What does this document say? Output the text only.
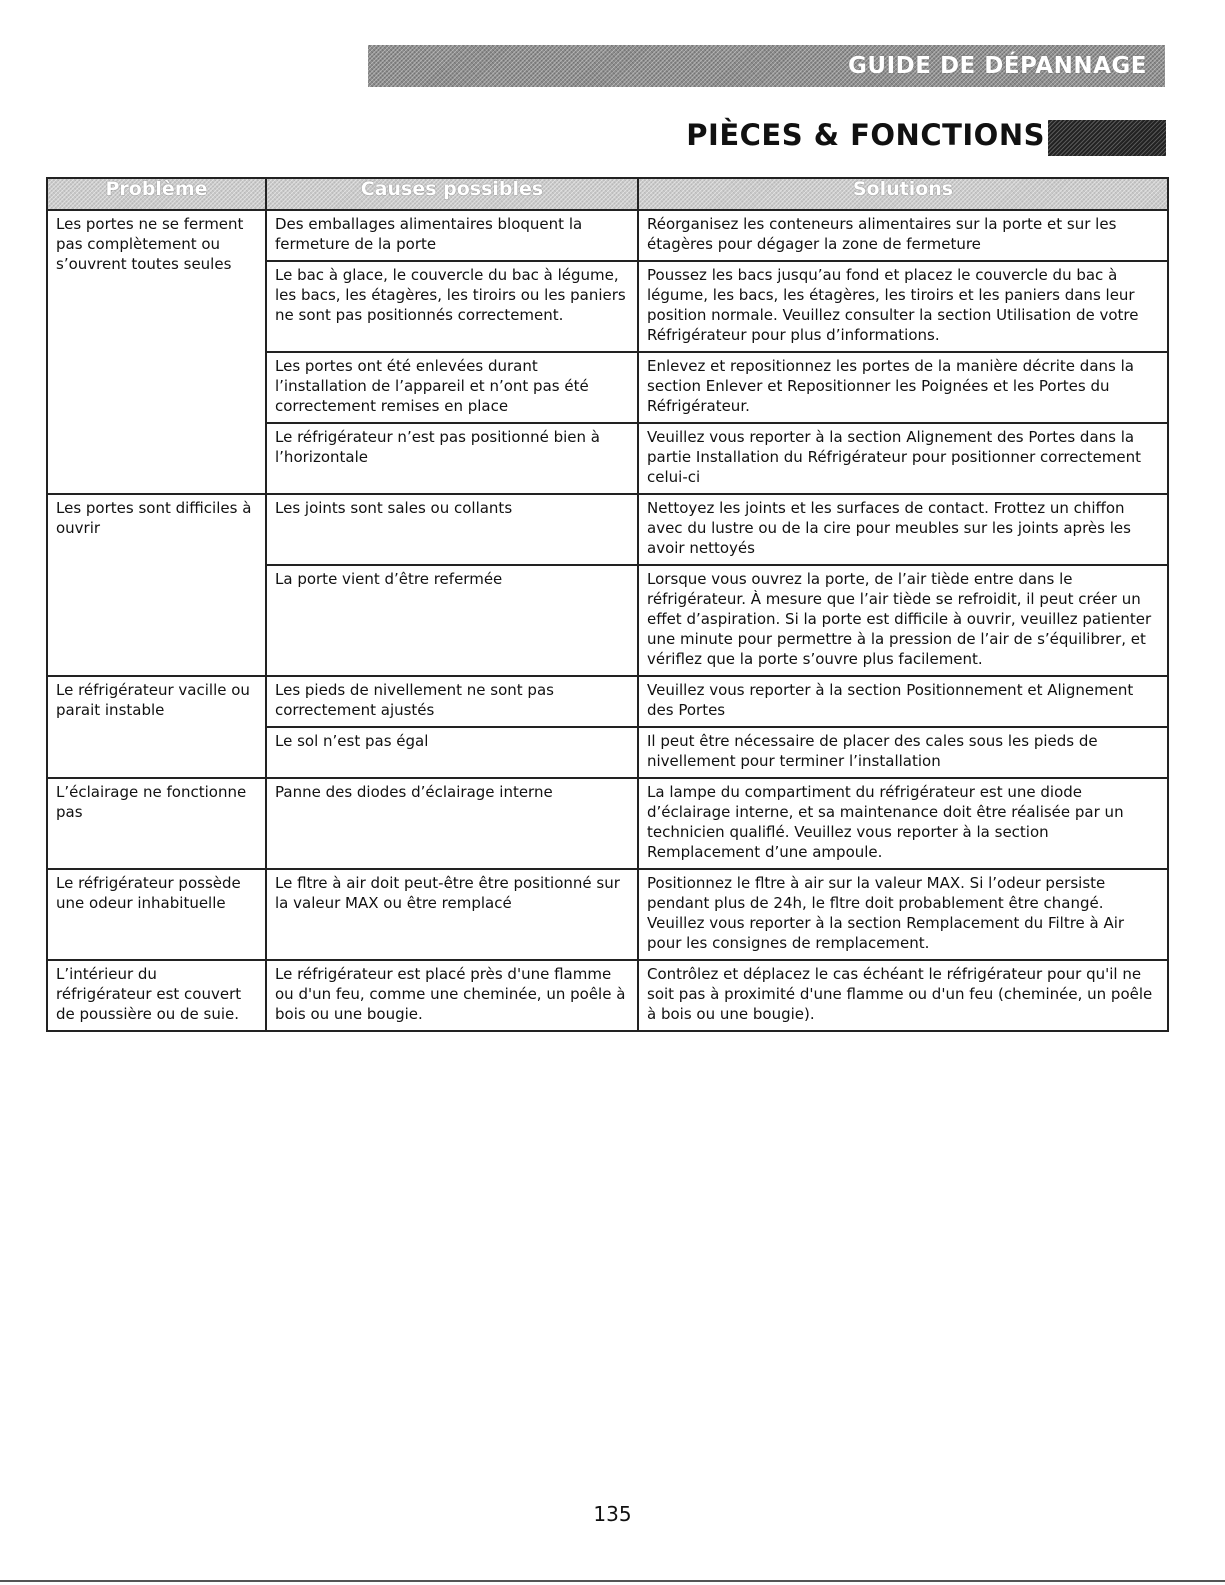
GUIDE DE DÉPANNAGE
PIÈCES & FONCTIONS
Problème	Causes possibles	Solutions
Les portes ne se ferment pas complètement ou s’ouvrent toutes seules	Des emballages alimentaires bloquent la fermeture de la porte	Réorganisez les conteneurs alimentaires sur la porte et sur les étagères pour dégager la zone de fermeture
	Le bac à glace, le couvercle du bac à légume, les bacs, les étagères, les tiroirs ou les paniers ne sont pas positionnés correctement.	Poussez les bacs jusqu’au fond et placez le couvercle du bac à légume, les bacs, les étagères, les tiroirs et les paniers dans leur position normale. Veuillez consulter la section Utilisation de votre Réfrigérateur pour plus d’informations.
	Les portes ont été enlevées durant l’installation de l’appareil et n’ont pas été correctement remises en place	Enlevez et repositionnez les portes de la manière décrite dans la section Enlever et Repositionner les Poignées et les Portes du Réfrigérateur.
	Le réfrigérateur n’est pas positionné bien à l’horizontale	Veuillez vous reporter à la section Alignement des Portes dans la partie Installation du Réfrigérateur pour positionner correctement celui-ci
Les portes sont difficiles à ouvrir	Les joints sont sales ou collants	Nettoyez les joints et les surfaces de contact. Frottez un chiffon avec du lustre ou de la cire pour meubles sur les joints après les avoir nettoyés
	La porte vient d’être refermée	Lorsque vous ouvrez la porte, de l’air tiède entre dans le réfrigérateur. À mesure que l’air tiède se refroidit, il peut créer un effet d’aspiration. Si la porte est difficile à ouvrir, veuillez patienter une minute pour permettre à la pression de l’air de s’équilibrer, et vériflez que la porte s’ouvre plus facilement.
Le réfrigérateur vacille ou parait instable	Les pieds de nivellement ne sont pas correctement ajustés	Veuillez vous reporter à la section Positionnement et Alignement des Portes
	Le sol n’est pas égal	Il peut être nécessaire de placer des cales sous les pieds de nivellement pour terminer l’installation
L’éclairage ne fonctionne pas	Panne des diodes d’éclairage interne	La lampe du compartiment du réfrigérateur est une diode d’éclairage interne, et sa maintenance doit être réalisée par un technicien qualiflé. Veuillez vous reporter à la section Remplacement d’une ampoule.
Le réfrigérateur possède une odeur inhabituelle	Le fltre à air doit peut-être être positionné sur la valeur MAX ou être remplacé	Positionnez le fltre à air sur la valeur MAX. Si l’odeur persiste pendant plus de 24h, le fltre doit probablement être changé. Veuillez vous reporter à la section Remplacement du Filtre à Air pour les consignes de remplacement.
L’intérieur du réfrigérateur est couvert de poussière ou de suie.	Le réfrigérateur est placé près d'une flamme ou d'un feu, comme une cheminée, un poêle à bois ou une bougie.	Contrôlez et déplacez le cas échéant le réfrigérateur pour qu'il ne soit pas à proximité d'une flamme ou d'un feu (cheminée, un poêle à bois ou une bougie).
135
